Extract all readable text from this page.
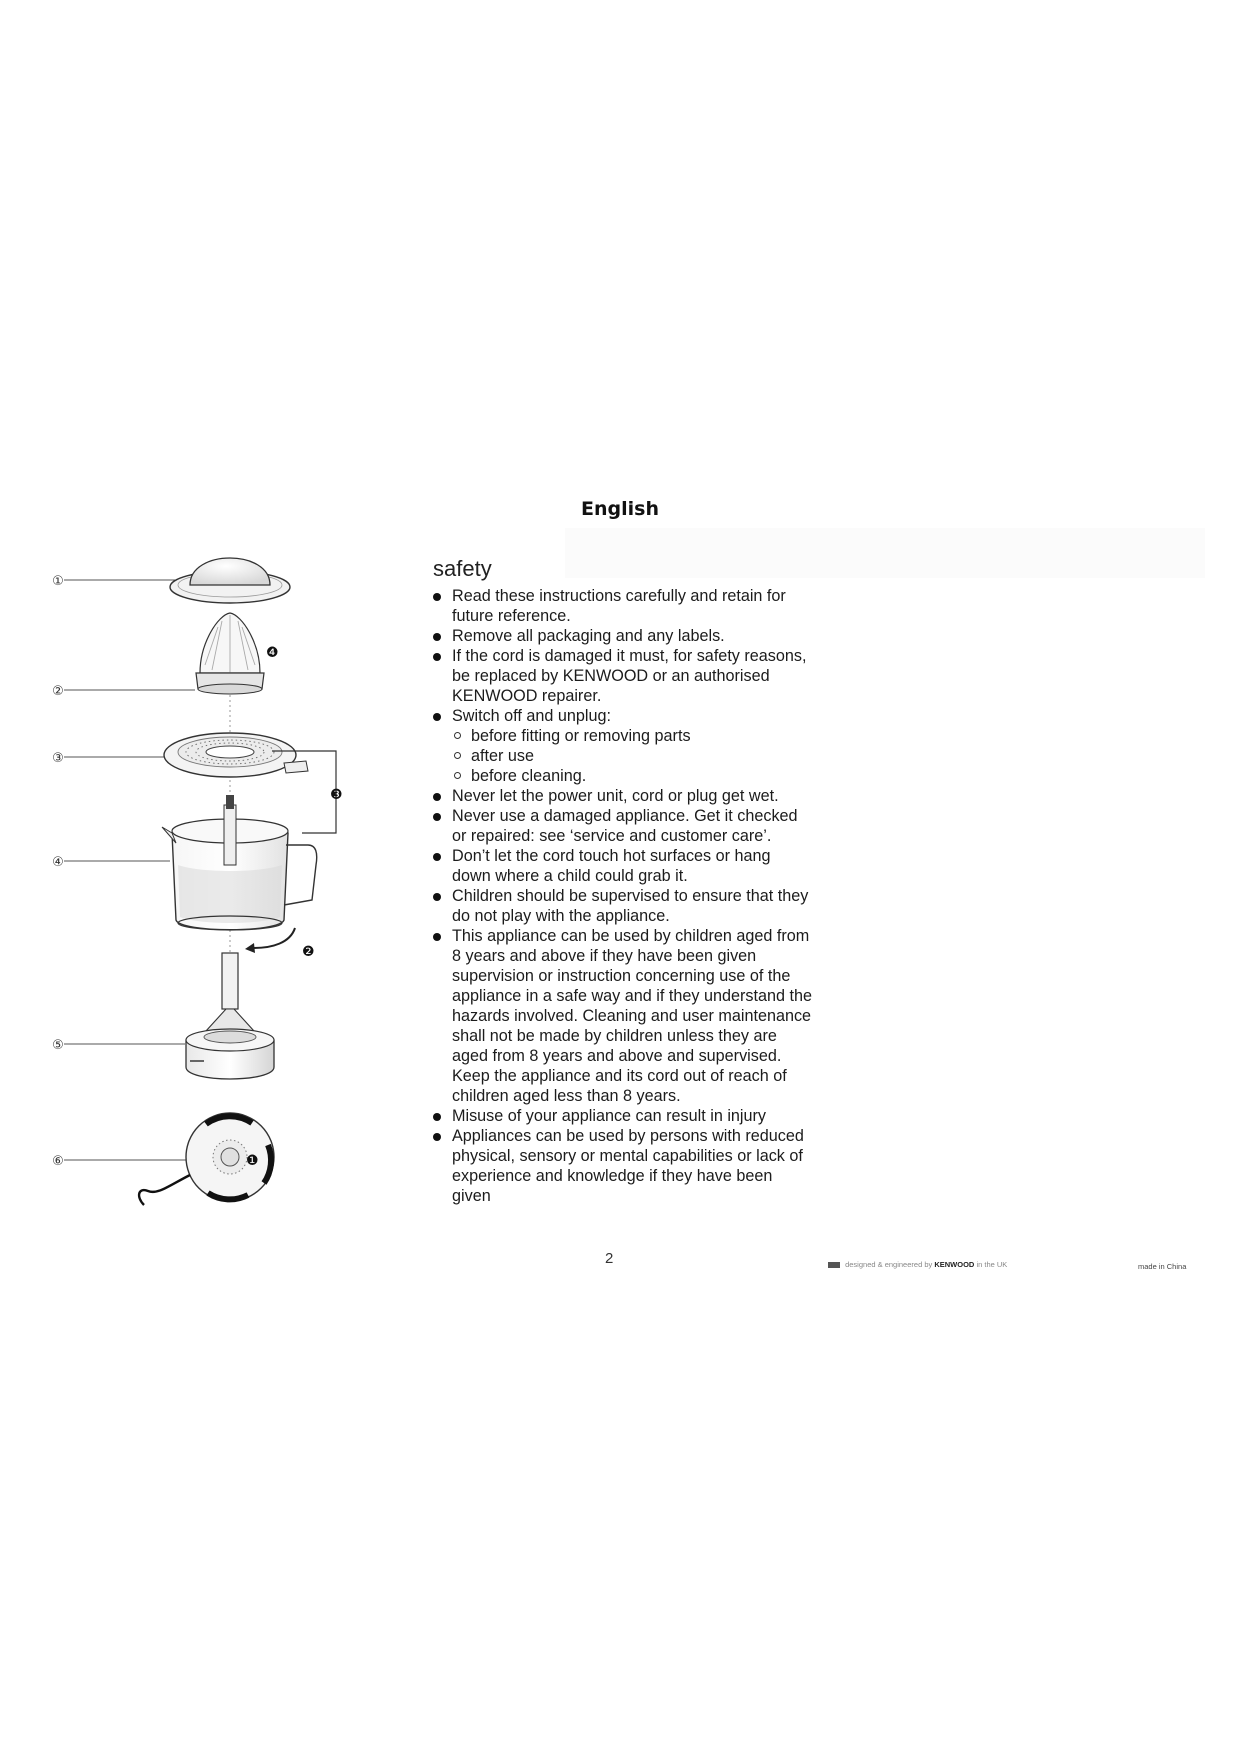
English
①
②
③
④
⑤
⑥
❹
❸
❷
❶
safety
Read these instructions carefully and retain for future reference.
Remove all packaging and any labels.
If the cord is damaged it must, for safety reasons, be replaced by KENWOOD or an authorised KENWOOD repairer.
Switch off and unplug:
before fitting or removing parts
after use
before cleaning.
Never let the power unit, cord or plug get wet.
Never use a damaged appliance. Get it checked or repaired: see ‘service and customer care’.
Don’t let the cord touch hot surfaces or hang down where a child could grab it.
Children should be supervised to ensure that they do not play with the appliance.
This appliance can be used by children aged from 8 years and above if they have been given supervision or instruction concerning use of the appliance in a safe way and if they understand the hazards involved. Cleaning and user maintenance shall not be made by children unless they are aged from 8 years and above and supervised. Keep the appliance and its cord out of reach of children aged less than 8 years.
Misuse of your appliance can result in injury
Appliances can be used by persons with reduced physical, sensory or mental capabilities or lack of experience and knowledge if they have been given
2	designed & engineered by KENWOOD in the UK	made in China
